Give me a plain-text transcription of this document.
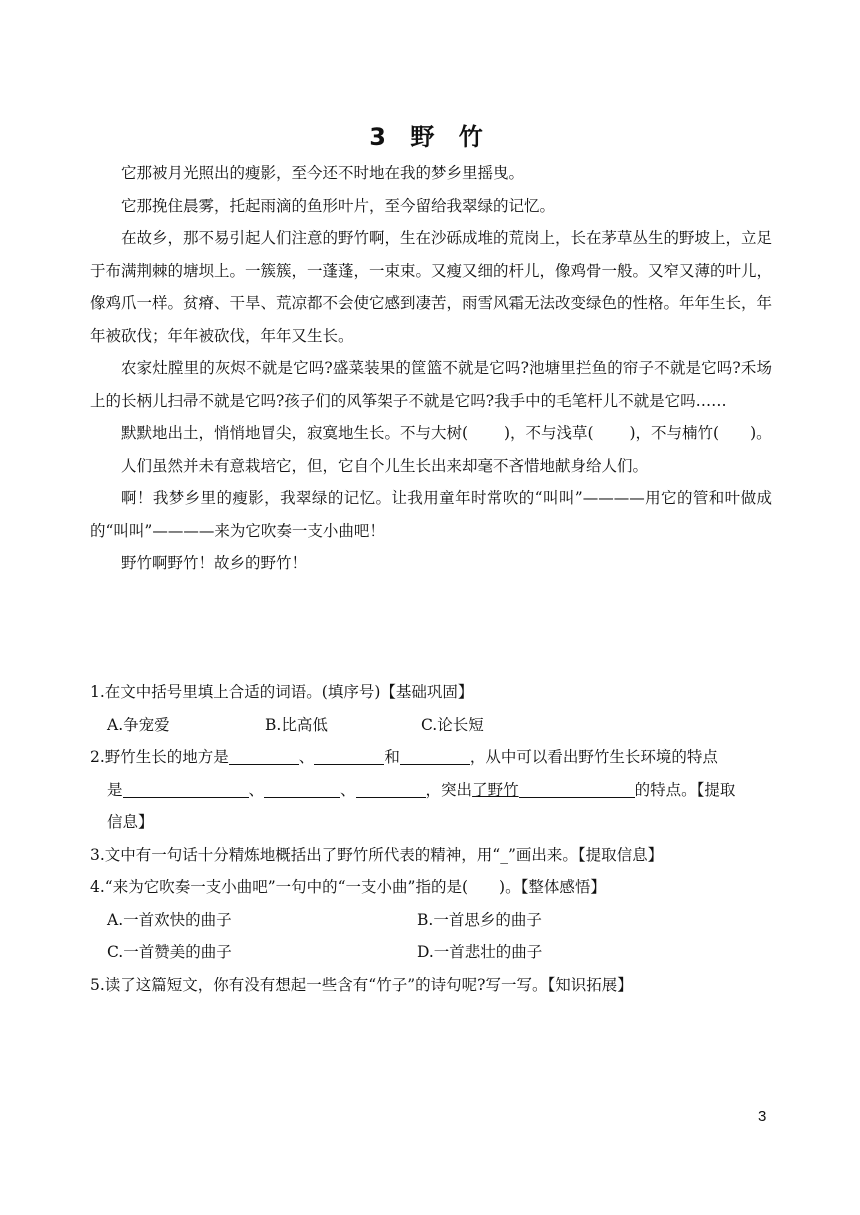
3 野 竹

它那被月光照出的瘦影，至今还不时地在我的梦乡里摇曳。

它那挽住晨雾，托起雨滴的鱼形叶片，至今留给我翠绿的记忆。

在故乡，那不易引起人们注意的野竹啊，生在沙砾成堆的荒岗上，长在茅草丛生的野坡上，立足于布满荆棘的塘坝上。一簇簇，一蓬蓬，一束束。又瘦又细的杆儿，像鸡骨一般。又窄又薄的叶儿，像鸡爪一样。贫瘠、干旱、荒凉都不会使它感到凄苦，雨雪风霜无法改变绿色的性格。年年生长，年年被砍伐；年年被砍伐，年年又生长。

农家灶膛里的灰烬不就是它吗?盛菜装果的筐篮不就是它吗?池塘里拦鱼的帘子不就是它吗?禾场上的长柄儿扫帚不就是它吗?孩子们的风筝架子不就是它吗?我手中的毛笔杆儿不就是它吗……

默默地出土，悄悄地冒尖，寂寞地生长。不与大树(　　 )，不与浅草(　　 )，不与楠竹(　　)。

人们虽然并未有意栽培它，但，它自个儿生长出来却毫不吝惜地献身给人们。

啊！我梦乡里的瘦影，我翠绿的记忆。让我用童年时常吹的“叫叫”————用它的管和叶做成的“叫叫”————来为它吹奏一支小曲吧！

野竹啊野竹！故乡的野竹！

1.在文中括号里填上合适的词语。(填序号)【基础巩固】

A.争宠爱	B.比高低	C.论长短

2.野竹生长的地方是	、	和	，从中可以看出野竹生长环境的特点

是	、	、	，突出了野竹	的特点。【提取

信息】

3.文中有一句话十分精炼地概括出了野竹所代表的精神，用“_”画出来。【提取信息】

4.“来为它吹奏一支小曲吧”一句中的“一支小曲”指的是(　　)。【整体感悟】

A.一首欢快的曲子	B.一首思乡的曲子

C.一首赞美的曲子	D.一首悲壮的曲子

5.读了这篇短文，你有没有想起一些含有“竹子”的诗句呢?写一写。【知识拓展】

3
